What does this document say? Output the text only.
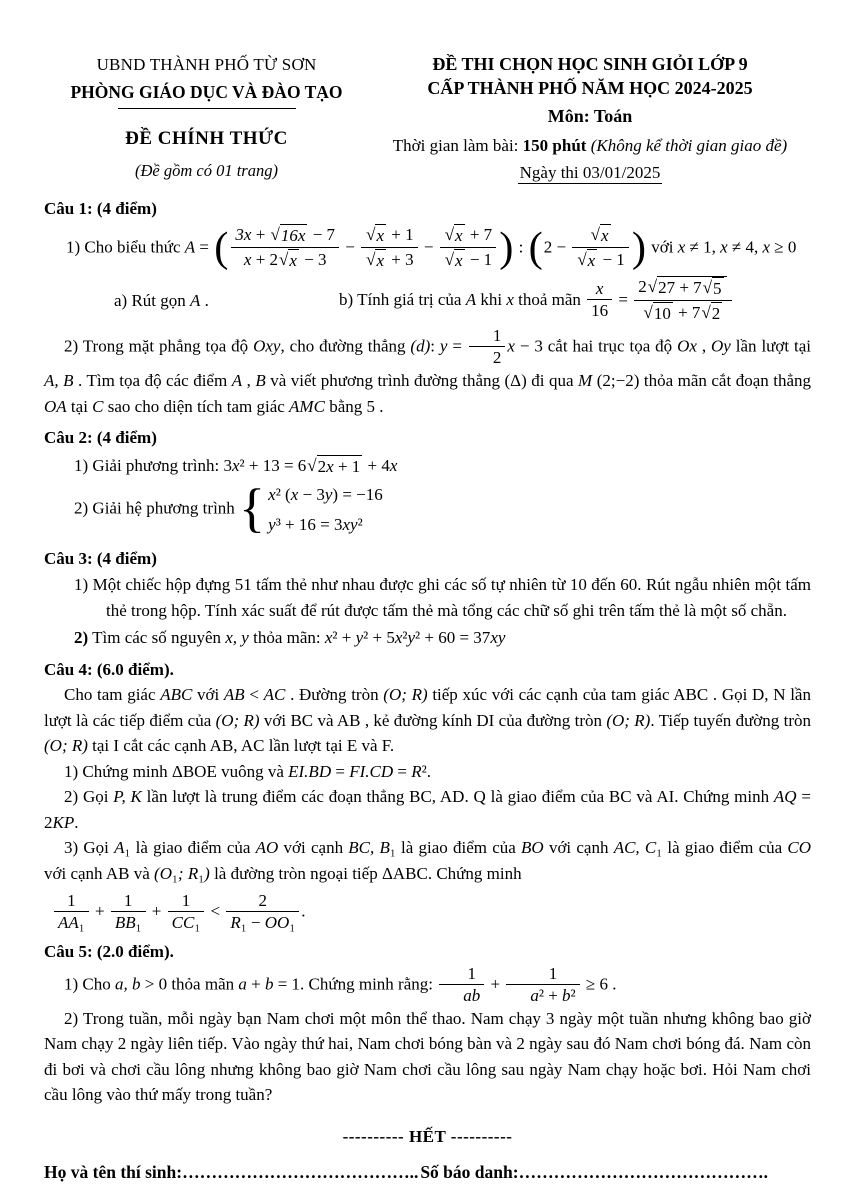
UBND THÀNH PHỐ TỪ SƠN
PHÒNG GIÁO DỤC VÀ ĐÀO TẠO
ĐỀ CHÍNH THỨC
(Đề gồm có 01 trang)
ĐỀ THI CHỌN HỌC SINH GIỎI LỚP 9
CẤP THÀNH PHỐ NĂM HỌC 2024-2025
Môn: Toán
Thời gian làm bài: 150 phút (Không kể thời gian giao đề)
Ngày thi 03/01/2025
Câu 1: (4 điểm)
1) Cho biểu thức A = ( $\frac{3x + √ 16x - 7}{x + 2 √ x - 3} - \frac{√ x + 1}{√ x + 3} - \frac{√ x + 7}{√ x - 1}$ ) : ($2 - \frac{√ x}{√ x - 1}$ ) với x ≠ 1, x ≠ 4, x ≥ 0
a) Rút gọn A .	b) Tính giá trị của A khi x thoả mãn $\frac{x}{16} = \frac{2 √ 27 + 7 √ 5}{√ 10 + 7 √ 2}$
2) Trong mặt phẳng tọa độ Oxy, cho đường thẳng (d): $y = \frac{1}{2}$ x − 3 cắt hai trục tọa độ Ox , Oy lần lượt tại A, B . Tìm tọa độ các điểm A , B và viết phương trình đường thẳng (Δ) đi qua M (2;−2) thỏa mãn cắt đoạn thẳng OA tại C sao cho diện tích tam giác AMC bằng 5 .
Câu 2: (4 điểm)
1) Giải phương trình: 3x² + 13 = 6 √ 2x + 1 + 4x
2) Giải hệ phương trình { x² (x − 3y) = −16
y³ + 16 = 3xy²
Câu 3: (4 điểm)
1) Một chiếc hộp đựng 51 tấm thẻ như nhau được ghi các số tự nhiên từ 10 đến 60. Rút ngẫu nhiên một tấm thẻ trong hộp. Tính xác suất để rút được tấm thẻ mà tổng các chữ số ghi trên tấm thẻ là một số chẵn.
2) Tìm các số nguyên x, y thỏa mãn: x² + y² + 5x²y² + 60 = 37xy
Câu 4: (6.0 điểm).
Cho tam giác ABC với AB < AC . Đường tròn (O; R) tiếp xúc với các cạnh của tam giác ABC . Gọi D, N lần lượt là các tiếp điểm của (O; R) với BC và AB , kẻ đường kính DI của đường tròn (O; R). Tiếp tuyến đường tròn (O; R) tại I cắt các cạnh AB, AC lần lượt tại E và F.
1) Chứng minh ΔBOE vuông và EI.BD = FI.CD = R².
2) Gọi P, K lần lượt là trung điểm các đoạn thẳng BC, AD. Q là giao điểm của BC và AI. Chứng minh AQ = 2KP.
3) Gọi A₁ là giao điểm của AO với cạnh BC, B₁ là giao điểm của BO với cạnh AC, C₁ là giao điểm của CO với cạnh AB và (O₁; R₁) là đường tròn ngoại tiếp ΔABC. Chứng minh
$\frac{1}{\text{AA₁}} + \frac{1}{\text{BB₁}} + \frac{1}{\text{CC₁}} < \frac{2}{\text{R₁ − OO₁}}$ .
Câu 5: (2.0 điểm).
1) Cho a, b > 0 thỏa mãn a + b = 1. Chứng minh rằng: $\frac{1}{ab} + \frac{1}{\text{a² + b²}} \ge 6$ .
2) Trong tuần, mỗi ngày bạn Nam chơi một môn thể thao. Nam chạy 3 ngày một tuần nhưng không bao giờ Nam chạy 2 ngày liên tiếp. Vào ngày thứ hai, Nam chơi bóng bàn và 2 ngày sau đó Nam chơi bóng đá. Nam còn đi bơi và chơi cầu lông nhưng không bao giờ Nam chơi cầu lông sau ngày Nam chạy hoặc bơi. Hỏi Nam chơi cầu lông vào thứ mấy trong tuần?
---------- HẾT ----------
Họ và tên thí sinh:………………………………….. Số báo danh:…………………………………….
